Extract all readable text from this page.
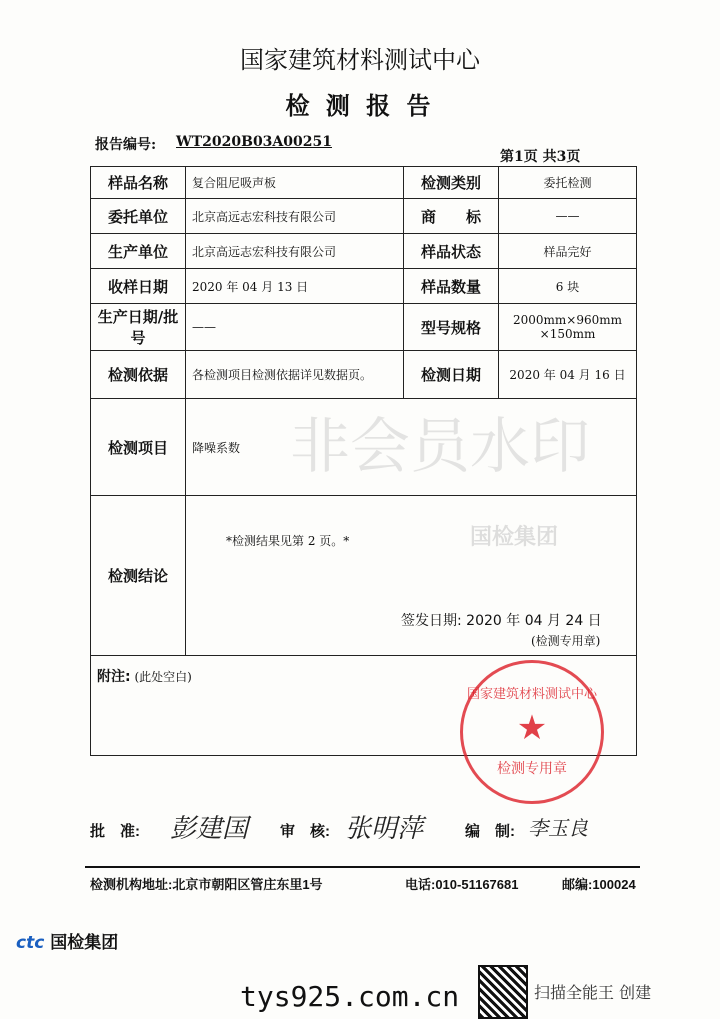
国家建筑材料测试中心
检 测 报 告
报告编号: WT2020B03A00251
第1页 共3页
样品名称	复合阻尼吸声板	检测类别	委托检测
委托单位	北京高远志宏科技有限公司	商　　标	——
生产单位	北京高远志宏科技有限公司	样品状态	样品完好
收样日期	2020 年 04 月 13 日	样品数量	6 块
生产日期/批号	——	型号规格	2000mm×960mm ×150mm
检测依据	各检测项目检测依据详见数据页。	检测日期	2020 年 04 月 16 日
检测项目	降噪系数		
检测结论	*检测结果见第 2 页。*
签发日期: 2020 年 04 月 24 日
(检测专用章)		

附注: (此处空白)			
非会员水印
国检集团
国家建筑材料测试中心
★
检测专用章
批　准: 彭建国 审　核: 张明萍	编　制: 李玉良
检测机构地址:北京市朝阳区管庄东里1号	电话:010-51167681	邮编:100024
ctc 国检集团
tys925.com.cn	扫描全能王 创建
